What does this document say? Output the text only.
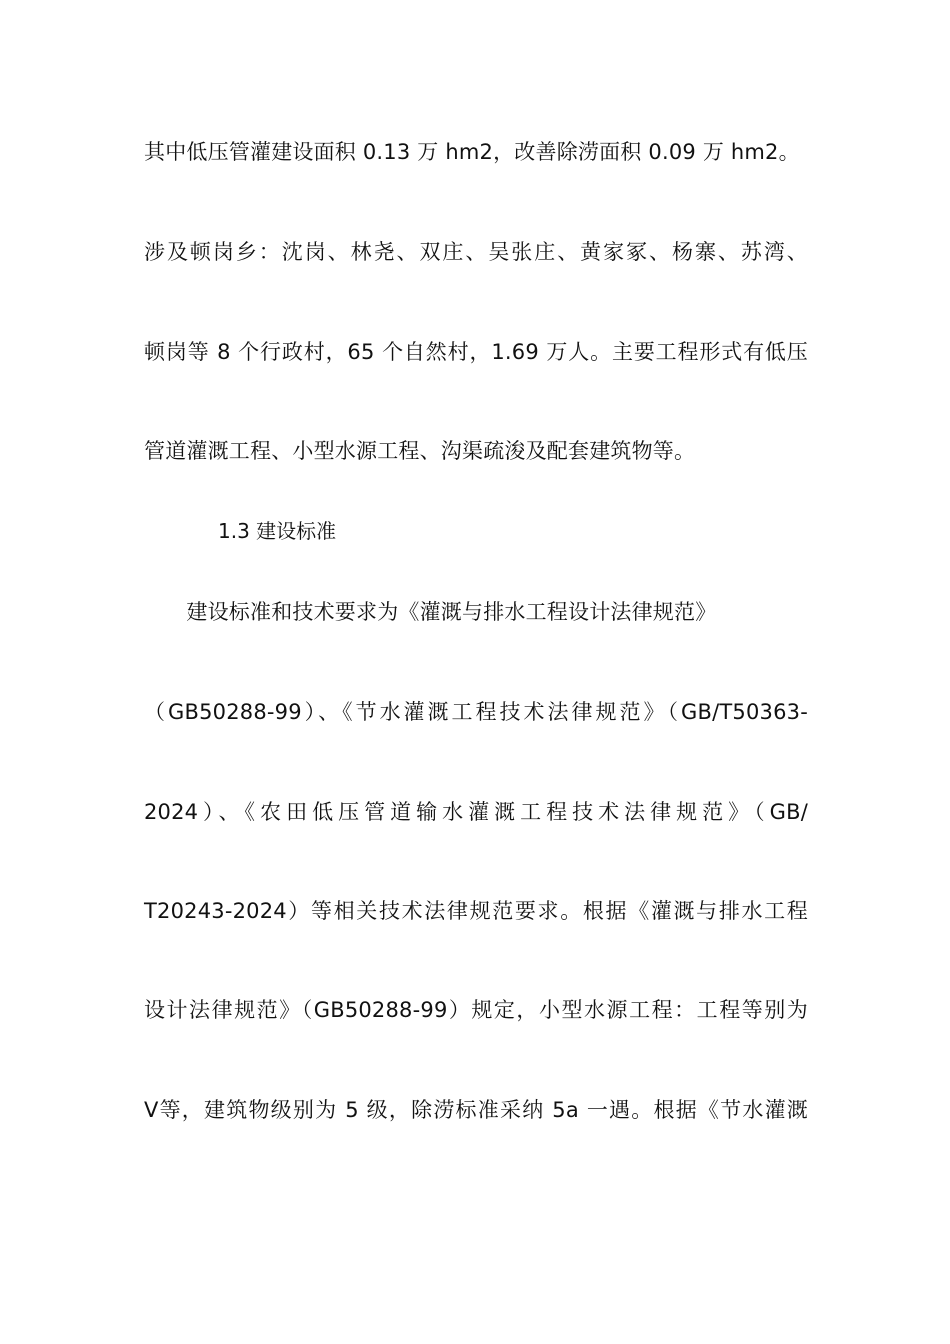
其中低压管灌建设面积 0.13 万 hm2，改善除涝面积 0.09 万 hm2。
涉及顿岗乡：沈岗、林尧、双庄、吴张庄、黄家冢、杨寨、苏湾、
顿岗等 8 个行政村，65 个自然村，1.69 万人。主要工程形式有低压
管道灌溉工程、小型水源工程、沟渠疏浚及配套建筑物等。
1.3 建设标准
　　建设标准和技术要求为《灌溉与排水工程设计法律规范》
（GB50288-99）、《节水灌溉工程技术法律规范》（GB/T50363-
2024）、《农田低压管道输水灌溉工程技术法律规范》（GB/
T20243-2024）等相关技术法律规范要求。根据《灌溉与排水工程
设计法律规范》（GB50288-99）规定，小型水源工程：工程等别为
Ⅴ等，建筑物级别为 5 级，除涝标准采纳 5a 一遇。根据《节水灌溉
